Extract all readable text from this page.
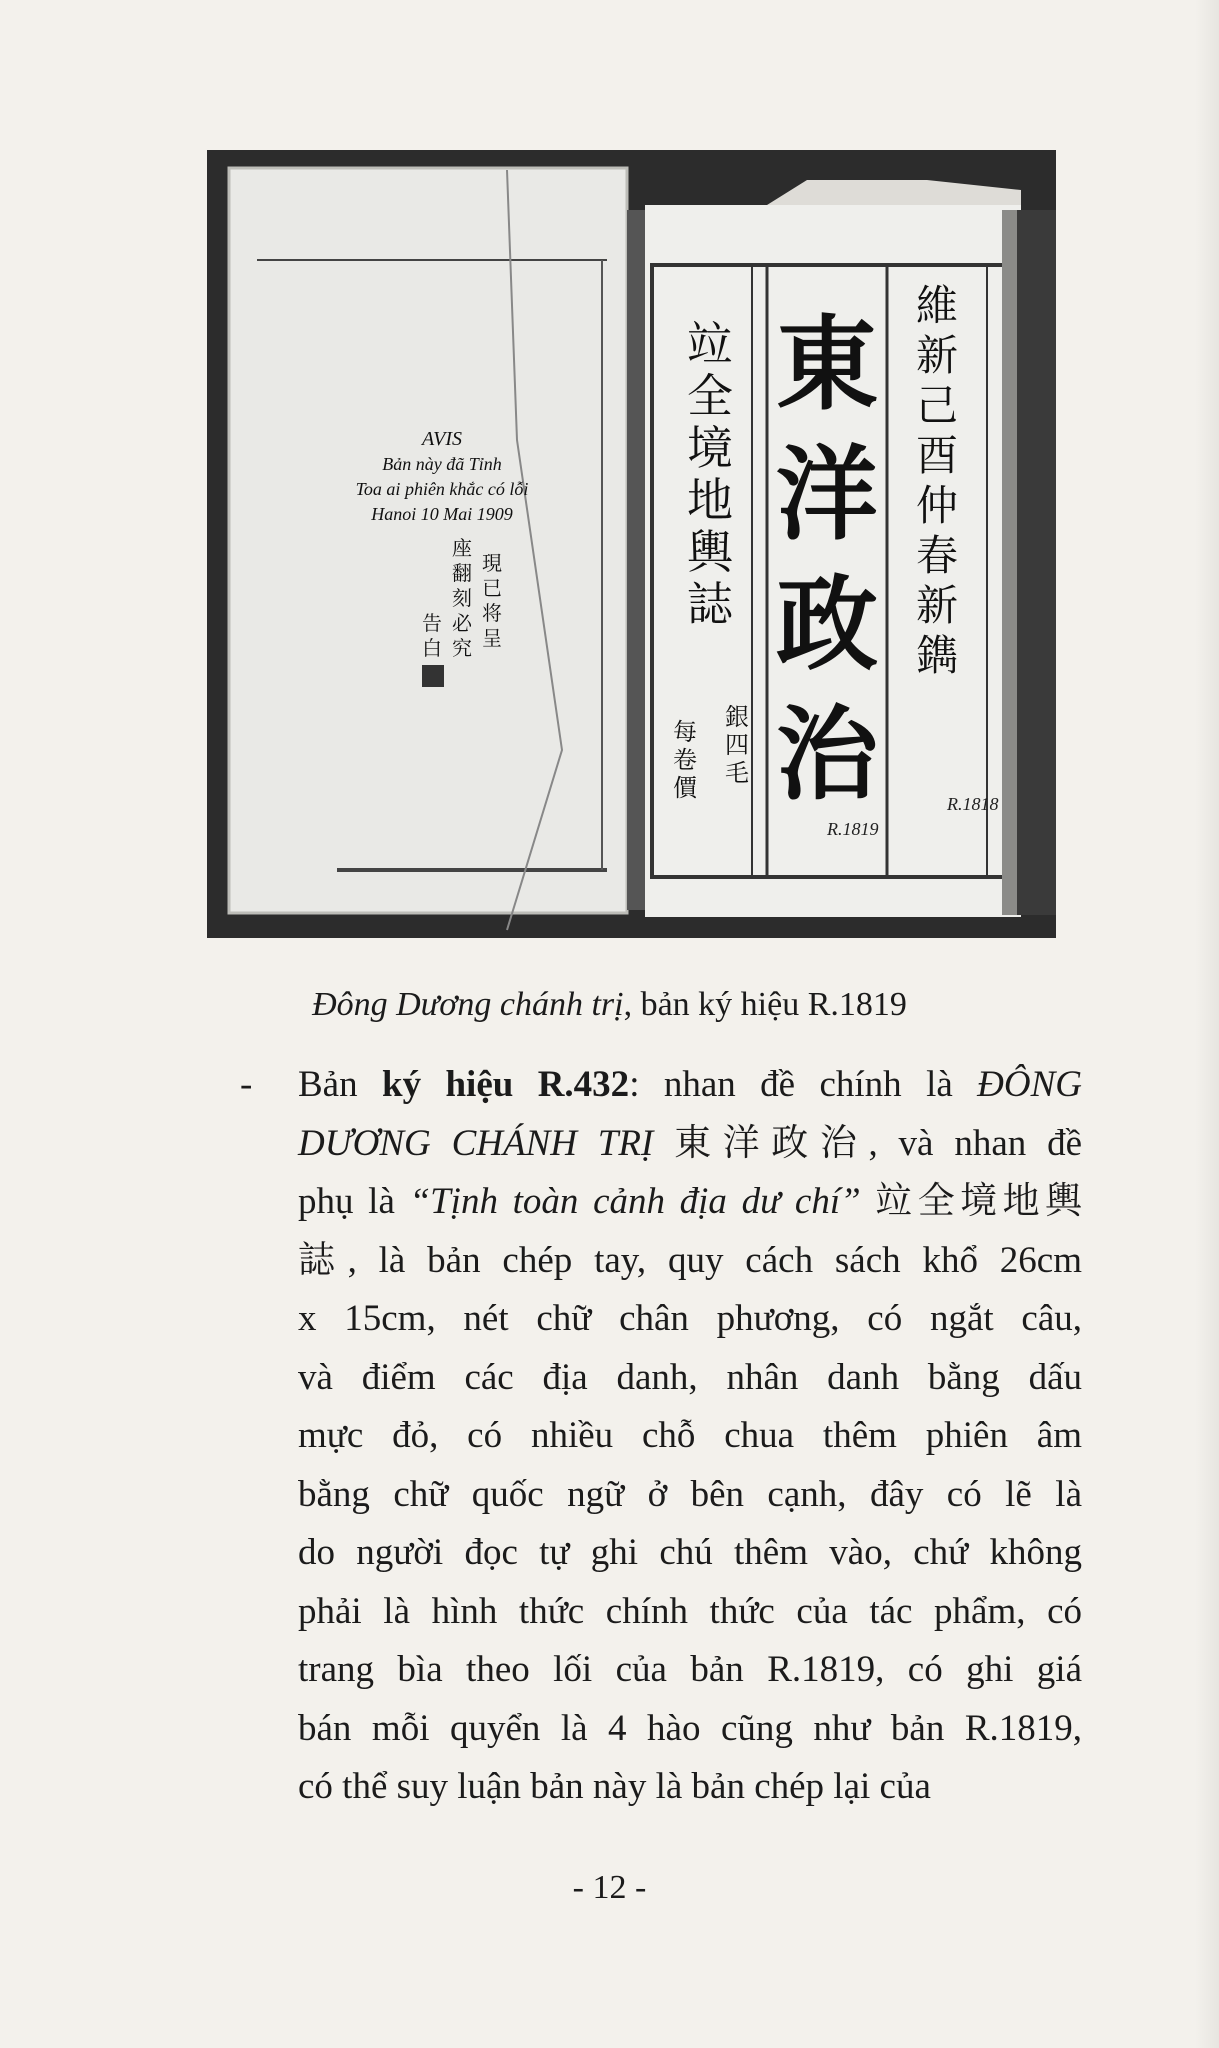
東
洋
政
治
維
新
己
酉
仲
春
新
鐫
竝
全
境
地
輿
誌
每
卷
價
銀
四
毛
AVIS
Bản này đã Tỉnh
Toa ai phiên khắc có lỗi
Hanoi 10 Mai 1909
現
已
将
呈
翻
刻
必
究
告
白
座
R.1819
R.1818
Đông Dương chánh trị, bản ký hiệu R.1819
- Bản ký hiệu R.432: nhan đề chính là ĐÔNG
DƯƠNG CHÁNH TRỊ 東洋政治, và nhan đề
phụ là “Tịnh toàn cảnh địa dư chí” 竝全境地輿
誌, là bản chép tay, quy cách sách khổ 26cm
x 15cm, nét chữ chân phương, có ngắt câu,
và điểm các địa danh, nhân danh bằng dấu
mực đỏ, có nhiều chỗ chua thêm phiên âm
bằng chữ quốc ngữ ở bên cạnh, đây có lẽ là
do người đọc tự ghi chú thêm vào, chứ không
phải là hình thức chính thức của tác phẩm, có
trang bìa theo lối của bản R.1819, có ghi giá
bán mỗi quyển là 4 hào cũng như bản R.1819,
có thể suy luận bản này là bản chép lại của
- 12 -
